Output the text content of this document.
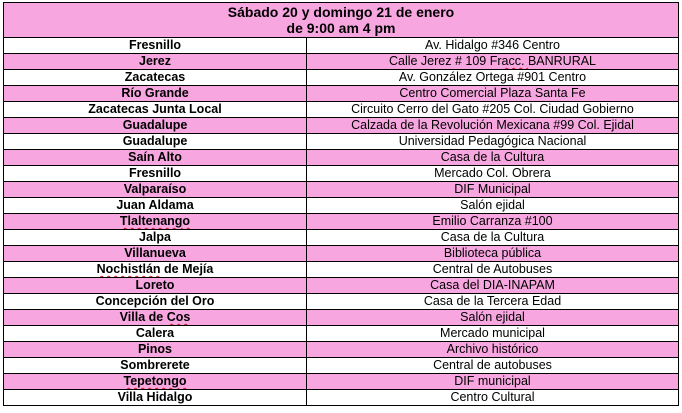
Sábado 20 y domingo 21 de enero
de 9:00 am 4 pm	

Fresnillo	Av. Hidalgo #346 Centro
Jerez	Calle Jerez # 109 Fracc. BANRURAL
Zacatecas	Av. González Ortega #901 Centro
Río Grande	Centro Comercial Plaza Santa Fe
Zacatecas Junta Local	Circuito Cerro del Gato #205 Col. Ciudad Gobierno
Guadalupe	Calzada de la Revolución Mexicana #99 Col. Ejidal
Guadalupe	Universidad Pedagógica Nacional
Saín Alto	Casa de la Cultura
Fresnillo	Mercado Col. Obrera
Valparaíso	DIF Municipal
Juan Aldama	Salón ejidal
Tlaltenango	Emilio Carranza #100
Jalpa	Casa de la Cultura
Villanueva	Biblioteca pública
Nochistlán de Mejía	Central de Autobuses
Loreto	Casa del DIA-INAPAM
Concepción del Oro	Casa de la Tercera Edad
Villa de Cos	Salón ejidal
Calera	Mercado municipal
Pinos	Archivo histórico
Sombrerete	Central de autobuses
Tepetongo	DIF municipal
Villa Hidalgo	Centro Cultural
